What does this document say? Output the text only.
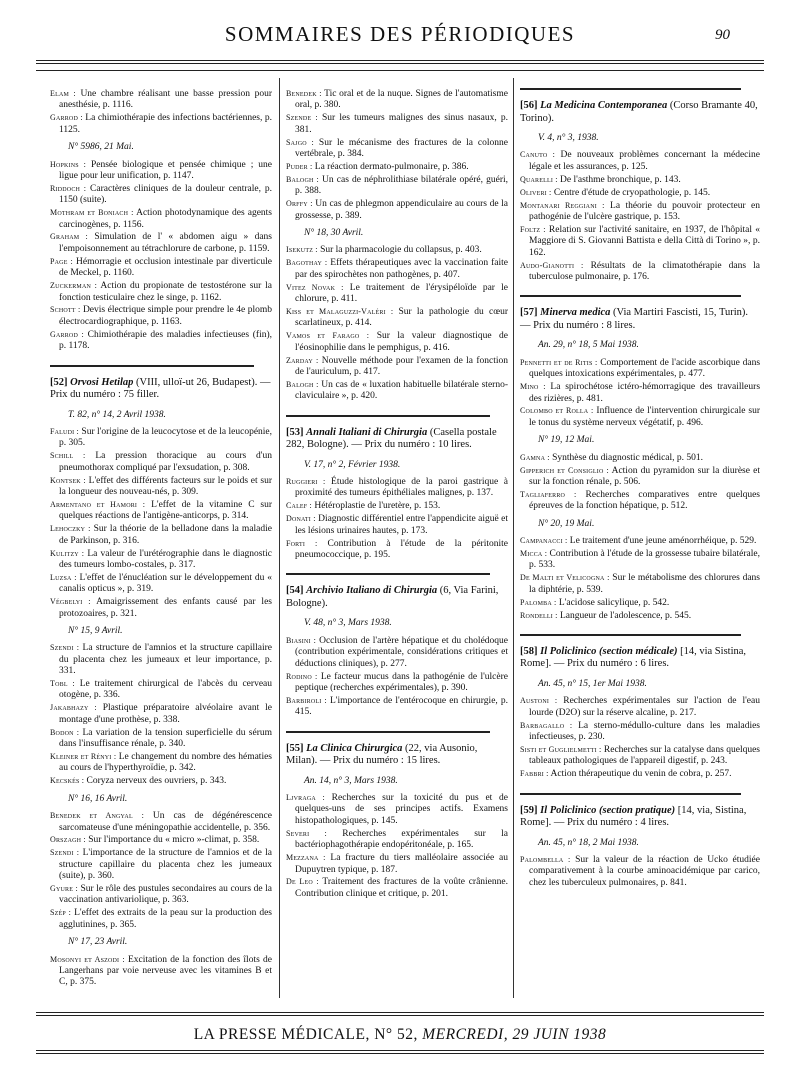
SOMMAIRES DES PÉRIODIQUES	90
Elam : Une chambre réalisant une basse pression pour anesthésie, p. 1116.
Garrod : La chimiothérapie des infections bactériennes, p. 1125.
N° 5986, 21 Mai.
Hopkins : Pensée biologique et pensée chimique ; une ligue pour leur unification, p. 1147.
Riddoch : Caractères cliniques de la douleur centrale, p. 1150 (suite).
Mothram et Boniach : Action photodynamique des agents carcinogènes, p. 1156.
Graham : Simulation de l' « abdomen aigu » dans l'empoisonnement au tétrachlorure de carbone, p. 1159.
Page : Hémorragie et occlusion intestinale par diverticule de Meckel, p. 1160.
Zuckerman : Action du propionate de testostérone sur la fonction testiculaire chez le singe, p. 1162.
Schott : Devis électrique simple pour prendre le 4e plomb électrocardiographique, p. 1163.
Garrod : Chimiothérapie des maladies infectieuses (fin), p. 1178.
[52] Orvosi Hetilap (VIII, ulloï-ut 26, Budapest). — Prix du numéro : 75 filler.
T. 82, n° 14, 2 Avril 1938.
Faludi : Sur l'origine de la leucocytose et de la leucopénie, p. 305.
Schill : La pression thoracique au cours d'un pneumothorax compliqué par l'exsudation, p. 308.
Kontsek : L'effet des différents facteurs sur le poids et sur la longueur des nouveau-nés, p. 309.
Armentano et Hamori : L'effet de la vitamine C sur quelques réactions de l'antigène-anticorps, p. 314.
Lehoczky : Sur la théorie de la belladone dans la maladie de Parkinson, p. 316.
Kulitzy : La valeur de l'urétérographie dans le diagnostic des tumeurs lombo-costales, p. 317.
Luzsa : L'effet de l'énucléation sur le développement du « canalis opticus », p. 319.
Végbelyi : Amaigrissement des enfants causé par les protozoaires, p. 321.
N° 15, 9 Avril.
Szendi : La structure de l'amnios et la structure capillaire du placenta chez les jumeaux et leur importance, p. 331.
Tobl : Le traitement chirurgical de l'abcès du cerveau otogène, p. 336.
Jakabhazy : Plastique préparatoire alvéolaire avant le montage d'une prothèse, p. 338.
Bodon : La variation de la tension superficielle du sérum dans l'insuffisance rénale, p. 340.
Kleiner et Rényi : Le changement du nombre des hématies au cours de l'hyperthyroïdie, p. 342.
Kecskés : Coryza nerveux des ouvriers, p. 343.
N° 16, 16 Avril.
Benedek et Angyal : Un cas de dégénérescence sarcomateuse d'une méningopathie accidentelle, p. 356.
Orszagh : Sur l'importance du « micro »-climat, p. 358.
Szendi : L'importance de la structure de l'amnios et de la structure capillaire du placenta chez les jumeaux (suite), p. 360.
Gyure : Sur le rôle des pustules secondaires au cours de la vaccination antivariolique, p. 363.
Szép : L'effet des extraits de la peau sur la production des agglutinines, p. 365.
N° 17, 23 Avril.
Mosonyi et Aszodi : Excitation de la fonction des îlots de Langerhans par voie nerveuse avec les vitamines B et C, p. 375.
Benedek : Tic oral et de la nuque. Signes de l'automatisme oral, p. 380.
Szende : Sur les tumeurs malignes des sinus nasaux, p. 381.
Sajgo : Sur le mécanisme des fractures de la colonne vertébrale, p. 384.
Puder : La réaction dermato-pulmonaire, p. 386.
Balogh : Un cas de néphrolithiase bilatérale opéré, guéri, p. 388.
Orffy : Un cas de phlegmon appendiculaire au cours de la grossesse, p. 389.
N° 18, 30 Avril.
Isekutz : Sur la pharmacologie du collapsus, p. 403.
Bagothay : Effets thérapeutiques avec la vaccination faite par des spirochètes non pathogènes, p. 407.
Vitez Novak : Le traitement de l'érysipéloïde par le chlorure, p. 411.
Kiss et Malaguzzi-Valéri : Sur la pathologie du cœur scarlatineux, p. 414.
Vamos et Farago : Sur la valeur diagnostique de l'éosinophilie dans le pemphigus, p. 416.
Zarday : Nouvelle méthode pour l'examen de la fonction de l'auriculum, p. 417.
Balogh : Un cas de « luxation habituelle bilatérale sterno-claviculaire », p. 420.
[53] Annali Italiani di Chirurgia (Casella postale 282, Bologne). — Prix du numéro : 10 lires.
V. 17, n° 2, Février 1938.
Ruggieri : Étude histologique de la paroi gastrique à proximité des tumeurs épithéliales malignes, p. 137.
Calef : Hétéroplastie de l'uretère, p. 153.
Donati : Diagnostic différentiel entre l'appendicite aiguë et les lésions urinaires hautes, p. 173.
Forti : Contribution à l'étude de la péritonite pneumococcique, p. 195.
[54] Archivio Italiano di Chirurgia (6, Via Farini, Bologne).
V. 48, n° 3, Mars 1938.
Biasini : Occlusion de l'artère hépatique et du cholédoque (contribution expérimentale, considérations critiques et déductions cliniques), p. 277.
Rodino : Le facteur mucus dans la pathogénie de l'ulcère peptique (recherches expérimentales), p. 390.
Barbiroli : L'importance de l'entérocoque en chirurgie, p. 415.
[55] La Clinica Chirurgica (22, via Ausonio, Milan). — Prix du numéro : 15 lires.
An. 14, n° 3, Mars 1938.
Ljvraga : Recherches sur la toxicité du pus et de quelques-uns de ses principes actifs. Examens histopathologiques, p. 145.
Severi : Recherches expérimentales sur la bactériophagothérapie endopéritonéale, p. 165.
Mezzana : La fracture du tiers malléolaire associée au Dupuytren typique, p. 187.
De Leo : Traitement des fractures de la voûte crânienne. Contribution clinique et critique, p. 201.
[56] La Medicina Contemporanea (Corso Bramante 40, Torino).
V. 4, n° 3, 1938.
Canuto : De nouveaux problèmes concernant la médecine légale et les assurances, p. 125.
Quarelli : De l'asthme bronchique, p. 143.
Oliveri : Centre d'étude de cryopathologie, p. 145.
Montanari Reggiani : La théorie du pouvoir protecteur en pathogénie de l'ulcère gastrique, p. 153.
Foltz : Relation sur l'activité sanitaire, en 1937, de l'hôpital « Maggiore di S. Giovanni Battista e della Città di Torino », p. 162.
Audo-Gianotti : Résultats de la climatothérapie dans la tuberculose pulmonaire, p. 176.
[57] Minerva medica (Via Martiri Fascisti, 15, Turin). — Prix du numéro : 8 lires.
An. 29, n° 18, 5 Mai 1938.
Pennetti et de Ritis : Comportement de l'acide ascorbique dans quelques intoxications expérimentales, p. 477.
Mino : La spirochétose ictéro-hémorragique des travailleurs des rizières, p. 481.
Colombo et Rolla : Influence de l'intervention chirurgicale sur le tonus du système nerveux végétatif, p. 496.
N° 19, 12 Mai.
Gamna : Synthèse du diagnostic médical, p. 501.
Gipperich et Consiglio : Action du pyramidon sur la diurèse et sur la fonction rénale, p. 506.
Tagliaferro : Recherches comparatives entre quelques épreuves de la fonction hépatique, p. 512.
N° 20, 19 Mai.
Campanacci : Le traitement d'une jeune aménorrhéique, p. 529.
Micca : Contribution à l'étude de la grossesse tubaire bilatérale, p. 533.
De Malti et Velicogna : Sur le métabolisme des chlorures dans la diphtérie, p. 539.
Palomba : L'acidose salicylique, p. 542.
Rondelli : Langueur de l'adolescence, p. 545.
[58] Il Policlinico (section médicale) [14, via Sistina, Rome]. — Prix du numéro : 6 lires.
An. 45, n° 15, 1er Mai 1938.
Austoni : Recherches expérimentales sur l'action de l'eau lourde (D2O) sur la réserve alcaline, p. 217.
Barbagallo : La sterno-médullo-culture dans les maladies infectieuses, p. 230.
Sisti et Guglielmetti : Recherches sur la catalyse dans quelques tableaux pathologiques de l'appareil digestif, p. 243.
Fabbri : Action thérapeutique du venin de cobra, p. 257.
[59] Il Policlinico (section pratique) [14, via, Sistina, Rome]. — Prix du numéro : 4 lires.
An. 45, n° 18, 2 Mai 1938.
Palombella : Sur la valeur de la réaction de Ucko étudiée comparativement à la courbe aminoacidémique par carico, chez les tuberculeux pulmonaires, p. 841.
LA PRESSE MÉDICALE, N° 52, MERCREDI, 29 JUIN 1938
